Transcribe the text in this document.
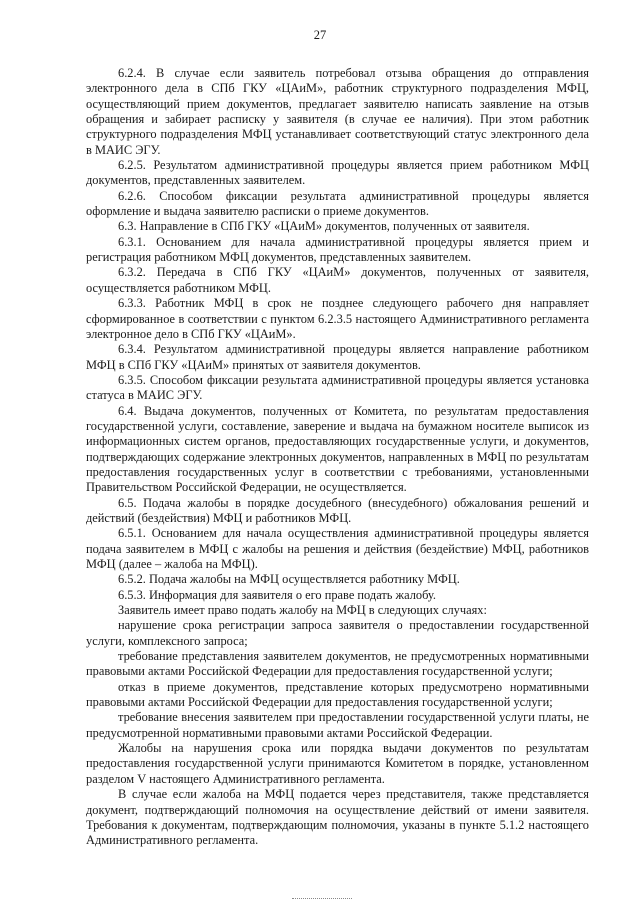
27

6.2.4. В случае если заявитель потребовал отзыва обращения до отправления электронного дела в СПб ГКУ «ЦАиМ», работник структурного подразделения МФЦ, осуществляющий прием документов, предлагает заявителю написать заявление на отзыв обращения и забирает расписку у заявителя (в случае ее наличия). При этом работник структурного подразделения МФЦ устанавливает соответствующий статус электронного дела в МАИС ЭГУ.

6.2.5. Результатом административной процедуры является прием работником МФЦ документов, представленных заявителем.

6.2.6. Способом фиксации результата административной процедуры является оформление и выдача заявителю расписки о приеме документов.

6.3. Направление в СПб ГКУ «ЦАиМ» документов, полученных от заявителя.

6.3.1. Основанием для начала административной процедуры является прием и регистрация работником МФЦ документов, представленных заявителем.

6.3.2. Передача в СПб ГКУ «ЦАиМ» документов, полученных от заявителя, осуществляется работником МФЦ.

6.3.3. Работник МФЦ в срок не позднее следующего рабочего дня направляет сформированное в соответствии с пунктом 6.2.3.5 настоящего Административного регламента электронное дело в СПб ГКУ «ЦАиМ».

6.3.4. Результатом административной процедуры является направление работником МФЦ в СПб ГКУ «ЦАиМ» принятых от заявителя документов.

6.3.5. Способом фиксации результата административной процедуры является установка статуса в МАИС ЭГУ.

6.4. Выдача документов, полученных от Комитета, по результатам предоставления государственной услуги, составление, заверение и выдача на бумажном носителе выписок из информационных систем органов, предоставляющих государственные услуги, и документов, подтверждающих содержание электронных документов, направленных в МФЦ по результатам предоставления государственных услуг в соответствии с требованиями, установленными Правительством Российской Федерации, не осуществляется.

6.5. Подача жалобы в порядке досудебного (внесудебного) обжалования решений и действий (бездействия) МФЦ и работников МФЦ.

6.5.1. Основанием для начала осуществления административной процедуры является подача заявителем в МФЦ с жалобы на решения и действия (бездействие) МФЦ, работников МФЦ (далее – жалоба на МФЦ).

6.5.2. Подача жалобы на МФЦ осуществляется работнику МФЦ.

6.5.3. Информация для заявителя о его праве подать жалобу.

Заявитель имеет право подать жалобу на МФЦ в следующих случаях:

нарушение срока регистрации запроса заявителя о предоставлении государственной услуги, комплексного запроса;

требование представления заявителем документов, не предусмотренных нормативными правовыми актами Российской Федерации для предоставления государственной услуги;

отказ в приеме документов, представление которых предусмотрено нормативными правовыми актами Российской Федерации для предоставления государственной услуги;

требование внесения заявителем при предоставлении государственной услуги платы, не предусмотренной нормативными правовыми актами Российской Федерации.

Жалобы на нарушения срока или порядка выдачи документов по результатам предоставления государственной услуги принимаются Комитетом в порядке, установленном разделом V настоящего Административного регламента.

В случае если жалоба на МФЦ подается через представителя, также представляется документ, подтверждающий полномочия на осуществление действий от имени заявителя. Требования к документам, подтверждающим полномочия, указаны в пункте 5.1.2 настоящего Административного регламента.
